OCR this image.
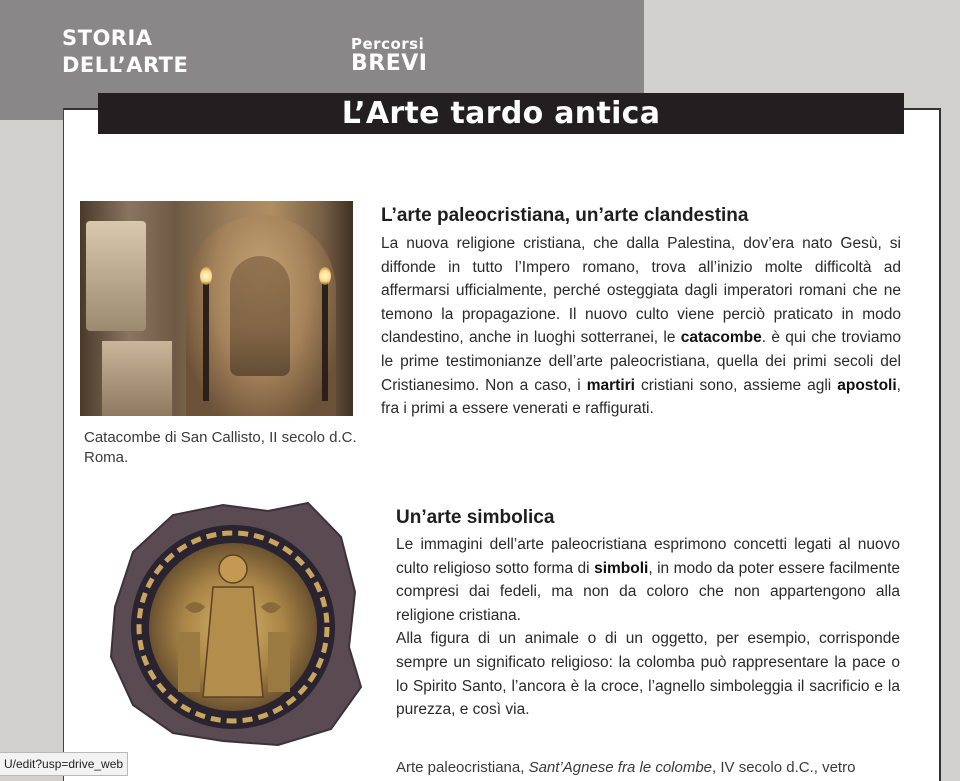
STORIA
DELL’ARTE
Percorsi
BREVI
L’Arte tardo antica
Catacombe di San Callisto, II secolo d.C. Roma.
L’arte paleocristiana, un’arte clandestina
La nuova religione cristiana, che dalla Palestina, dov’era nato Gesù, si diffonde in tutto l’Impero romano, trova all’inizio molte difficoltà ad affermarsi ufficialmente, perché osteggiata dagli imperatori romani che ne temono la propagazione. Il nuovo culto viene perciò praticato in modo clandestino, anche in luoghi sotterranei, le catacombe. è qui che troviamo le prime testimonianze dell’arte paleocristiana, quella dei primi secoli del Cristianesimo. Non a caso, i martiri cristiani sono, assieme agli apostoli, fra i primi a essere venerati e raffigurati.
Un’arte simbolica
Le immagini dell’arte paleocristiana esprimono concetti legati al nuovo culto religioso sotto forma di simboli, in modo da poter essere facilmente compresi dai fedeli, ma non da coloro che non appartengono alla religione cristiana.
Alla figura di un animale o di un oggetto, per esempio, corrisponde sempre un significato religioso: la colomba può rappresentare la pace o lo Spirito Santo, l’ancora è la croce, l’agnello simboleggia il sacrificio e la purezza, e così via.
Arte paleocristiana, Sant’Agnese fra le colombe, IV secolo d.C., vetro
U/edit?usp=drive_web
